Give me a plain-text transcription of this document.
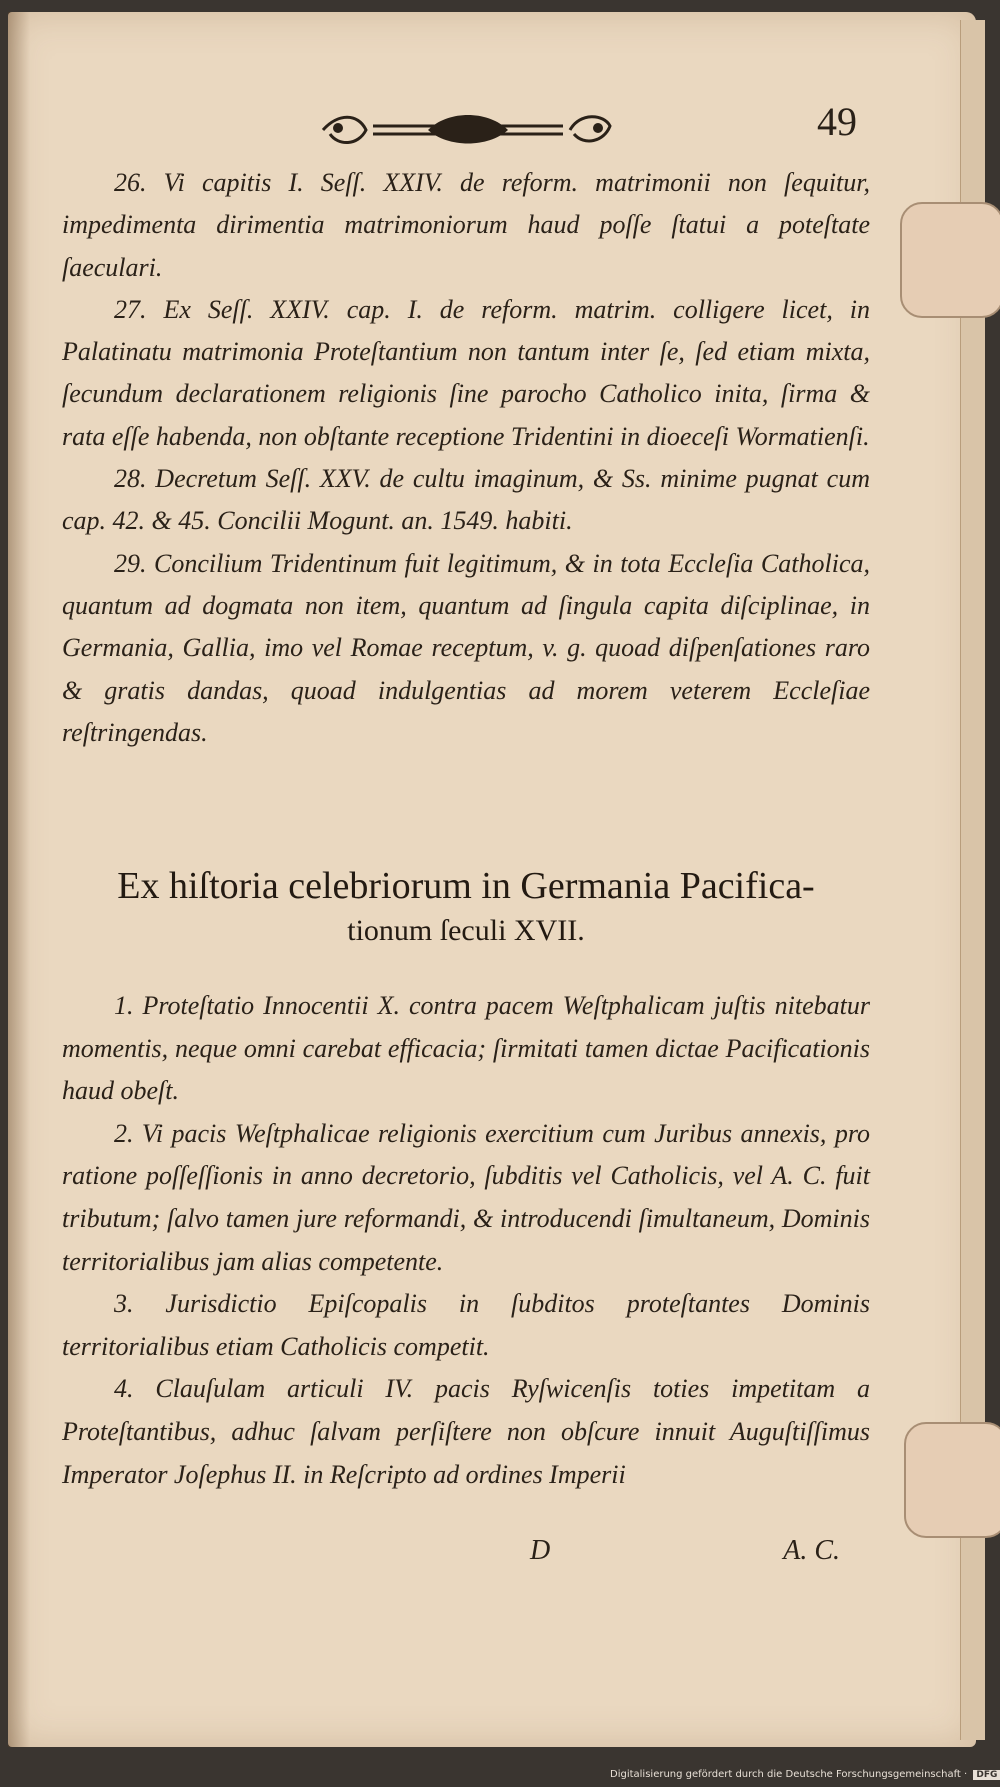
49

26. Vi capitis I. Seſſ. XXIV. de reform. matrimonii non ſequitur, impedimenta dirimentia matrimoniorum haud poſſe ſtatui a poteſtate ſaeculari.

27. Ex Seſſ. XXIV. cap. I. de reform. matrim. colligere licet, in Palatinatu matrimonia Proteſtantium non tantum inter ſe, ſed etiam mixta, ſecundum declarationem religionis ſine parocho Catholico inita, ſirma & rata eſſe habenda, non obſtante receptione Tridentini in dioeceſi Wormatienſi.

28. Decretum Seſſ. XXV. de cultu imaginum, & Ss. minime pugnat cum cap. 42. & 45. Concilii Mogunt. an. 1549. habiti.

29. Concilium Tridentinum fuit legitimum, & in tota Eccleſia Catholica, quantum ad dogmata non item, quantum ad ſingula capita diſciplinae, in Germania, Gallia, imo vel Romae receptum, v. g. quoad diſpenſationes raro & gratis dandas, quoad indulgentias ad morem veterem Eccleſiae reſtringendas.

Ex hiſtoria celebriorum in Germania Pacifica-
tionum ſeculi XVII.

1. Proteſtatio Innocentii X. contra pacem Weſtphalicam juſtis nitebatur momentis, neque omni carebat efficacia; ſirmitati tamen dictae Pacificationis haud obeſt.

2. Vi pacis Weſtphalicae religionis exercitium cum Juribus annexis, pro ratione poſſeſſionis in anno decretorio, ſubditis vel Catholicis, vel A. C. fuit tributum; ſalvo tamen jure reformandi, & introducendi ſimultaneum, Dominis territorialibus jam alias competente.

3. Jurisdictio Epiſcopalis in ſubditos proteſtantes Dominis territorialibus etiam Catholicis competit.

4. Clauſulam articuli IV. pacis Ryſwicenſis toties impetitam a Proteſtantibus, adhuc ſalvam perſiſtere non obſcure innuit Auguſtiſſimus Imperator Joſephus II. in Reſcripto ad ordines Imperii

D	A. C.
Digitalisierung gefördert durch die Deutsche Forschungsgemeinschaft · DFG
